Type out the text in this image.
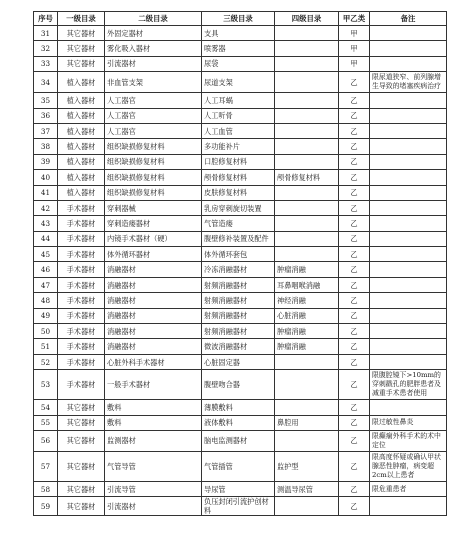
序号	一级目录	二级目录	三级目录	四级目录	甲乙类	备注
31	其它器材	外固定器材	支具		甲	
32	其它器材	雾化吸入器材	喷雾器		甲	
33	其它器材	引流器材	尿袋		甲	
34	植入器材	非血管支架	尿道支架		乙	限尿道狭窄、前列腺增生导致的堵塞疾病治疗
35	植入器材	人工器官	人工耳蜗		乙	
36	植入器材	人工器官	人工听骨		乙	
37	植入器材	人工器官	人工血管		乙	
38	植入器材	组织缺损修复材料	多功能补片		乙	
39	植入器材	组织缺损修复材料	口腔修复材料		乙	
40	植入器材	组织缺损修复材料	颅骨修复材料	颅骨修复材料	乙	
41	植入器材	组织缺损修复材料	皮肤修复材料		乙	
42	手术器材	穿刺器械	乳房穿刺旋切装置		乙	
43	手术器材	穿刺造瘘器材	气管造瘘		乙	
44	手术器材	内镜手术器材（硬）	腹壁修补装置及配件		乙	
45	手术器材	体外循环器材	体外循环套包		乙	
46	手术器材	消融器材	冷冻消融器材	肿瘤消融	乙	
47	手术器材	消融器材	射频消融器材	耳鼻咽喉消融	乙	
48	手术器材	消融器材	射频消融器材	神经消融	乙	
49	手术器材	消融器材	射频消融器材	心脏消融	乙	
50	手术器材	消融器材	射频消融器材	肿瘤消融	乙	
51	手术器材	消融器材	微波消融器材	肿瘤消融	乙	
52	手术器材	心脏外科手术器材	心脏固定器		乙	
53	手术器材	一般手术器材	腹壁吻合器		乙	限腹腔镜下>10mm的穿刺戳孔的肥胖患者及减重手术患者使用
54	其它器材	敷料	薄膜敷料		乙	
55	其它器材	敷料	液体敷料	鼻腔用	乙	限过敏性鼻炎
56	其它器材	监测器材	脑电监测器材		乙	限癫痫外科手术的术中定位
57	其它器材	气管导管	气管插管	监护型	乙	限高度怀疑或确认甲状腺恶性肿瘤，病变超2cm以上患者
58	其它器材	引流导管	导尿管	测温导尿管	乙	限危重患者
59	其它器材	引流器材	负压封闭引流护创材料		乙	
